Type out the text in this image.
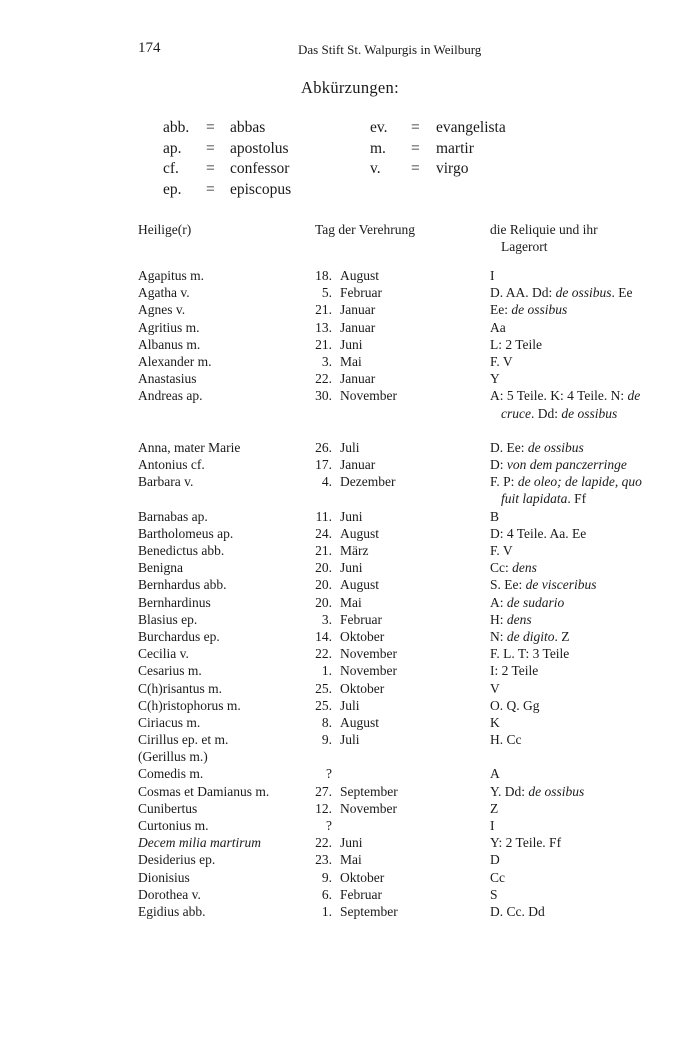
174	Das Stift St. Walpurgis in Weilburg
Abkürzungen:
abb. = abbas	ev. = evangelista
ap. = apostolus	m. = martir
cf. = confessor	v. = virgo
ep. = episcopus
Heilige(r)	Tag der Verehrung	die Reliquie und ihr
Lagerort
Agapitus m.	18. August	I
Agatha v.	5. Februar	D. AA. Dd: de ossibus. Ee
Agnes v.	21. Januar	Ee: de ossibus
Agritius m.	13. Januar	Aa
Albanus m.	21. Juni	L: 2 Teile
Alexander m.	3. Mai	F. V
Anastasius	22. Januar	Y
Andreas ap.	30. November	A: 5 Teile. K: 4 Teile. N: de cruce. Dd: de ossibus
Anna, mater Marie	26. Juli	D. Ee: de ossibus
Antonius cf.	17. Januar	D: von dem panczerringe
Barbara v.	4. Dezember	F. P: de oleo; de lapide, quo fuit lapidata. Ff
Barnabas ap.	11. Juni	B
Bartholomeus ap.	24. August	D: 4 Teile. Aa. Ee
Benedictus abb.	21. März	F. V
Benigna	20. Juni	Cc: dens
Bernhardus abb.	20. August	S. Ee: de visceribus
Bernhardinus	20. Mai	A: de sudario
Blasius ep.	3. Februar	H: dens
Burchardus ep.	14. Oktober	N: de digito. Z
Cecilia v.	22. November	F. L. T: 3 Teile
Cesarius m.	1. November	I: 2 Teile
C(h)risantus m.	25. Oktober	V
C(h)ristophorus m.	25. Juli	O. Q. Gg
Ciriacus m.	8. August	K
Cirillus ep. et m.	9. Juli	H. Cc
(Gerillus m.)
Comedis m.	?	A
Cosmas et Damianus m.	27. September	Y. Dd: de ossibus
Cunibertus	12. November	Z
Curtonius m.	?	I
Decem milia martirum	22. Juni	Y: 2 Teile. Ff
Desiderius ep.	23. Mai	D
Dionisius	9. Oktober	Cc
Dorothea v.	6. Februar	S
Egidius abb.	1. September	D. Cc. Dd
